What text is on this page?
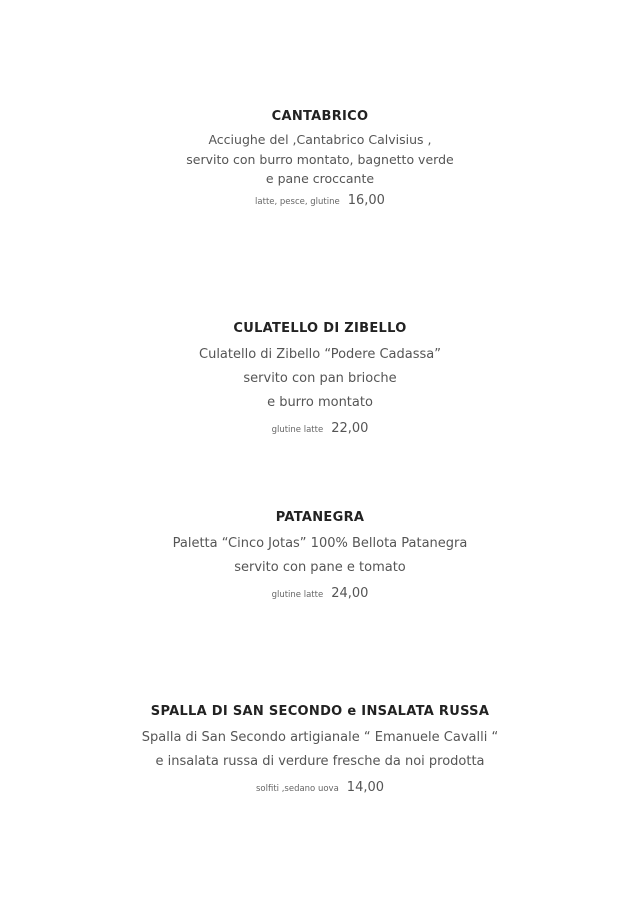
CANTABRICO
Acciughe del ,Cantabrico Calvisius ,
servito con burro montato, bagnetto verde
e pane croccante
latte, pesce, glutine 16,00
CULATELLO DI ZIBELLO
Culatello di Zibello “Podere Cadassa”
servito con pan brioche
e burro montato
glutine latte 22,00
PATANEGRA
Paletta “Cinco Jotas” 100% Bellota Patanegra
servito con pane e tomato
glutine latte 24,00
SPALLA DI SAN SECONDO e INSALATA RUSSA
Spalla di San Secondo artigianale “ Emanuele Cavalli “
e insalata russa di verdure fresche da noi prodotta
solfiti ,sedano uova 14,00
